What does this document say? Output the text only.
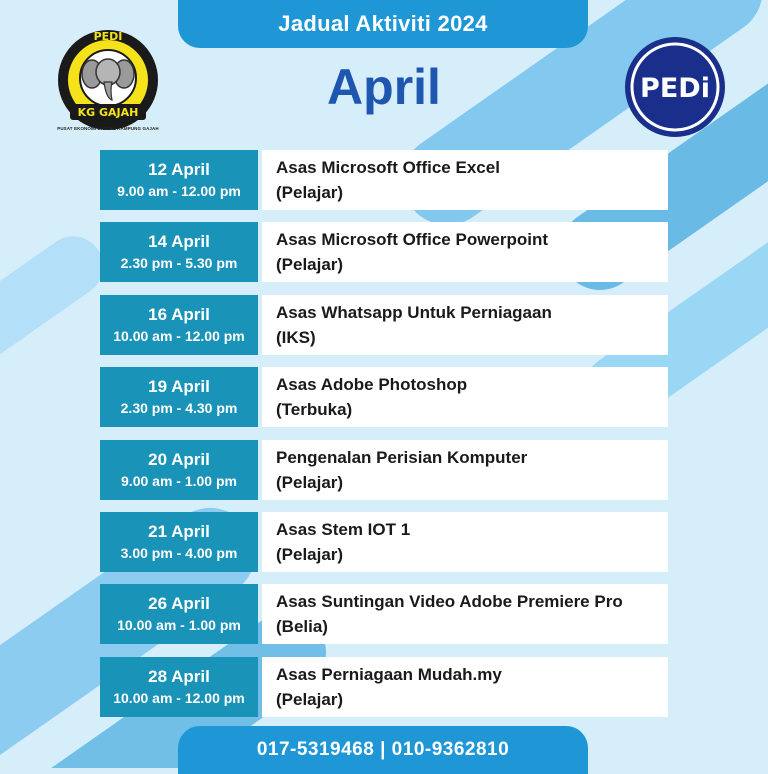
Jadual Aktiviti 2024
April
PEDI
KG GAJAH
PUSAT EKONOMI DIGITAL KAMPUNG GAJAH
PEDi
12 April
9.00 am - 12.00 pm
Asas Microsoft Office Excel
(Pelajar)
14 April
2.30 pm - 5.30 pm
Asas Microsoft Office Powerpoint
(Pelajar)
16 April
10.00 am - 12.00 pm
Asas Whatsapp Untuk Perniagaan
(IKS)
19 April
2.30 pm - 4.30 pm
Asas Adobe Photoshop
(Terbuka)
20 April
9.00 am - 1.00 pm
Pengenalan Perisian Komputer
(Pelajar)
21 April
3.00 pm - 4.00 pm
Asas Stem IOT 1
(Pelajar)
26 April
10.00 am - 1.00 pm
Asas Suntingan Video Adobe Premiere Pro
(Belia)
28 April
10.00 am - 12.00 pm
Asas Perniagaan Mudah.my
(Pelajar)
017-5319468 | 010-9362810
